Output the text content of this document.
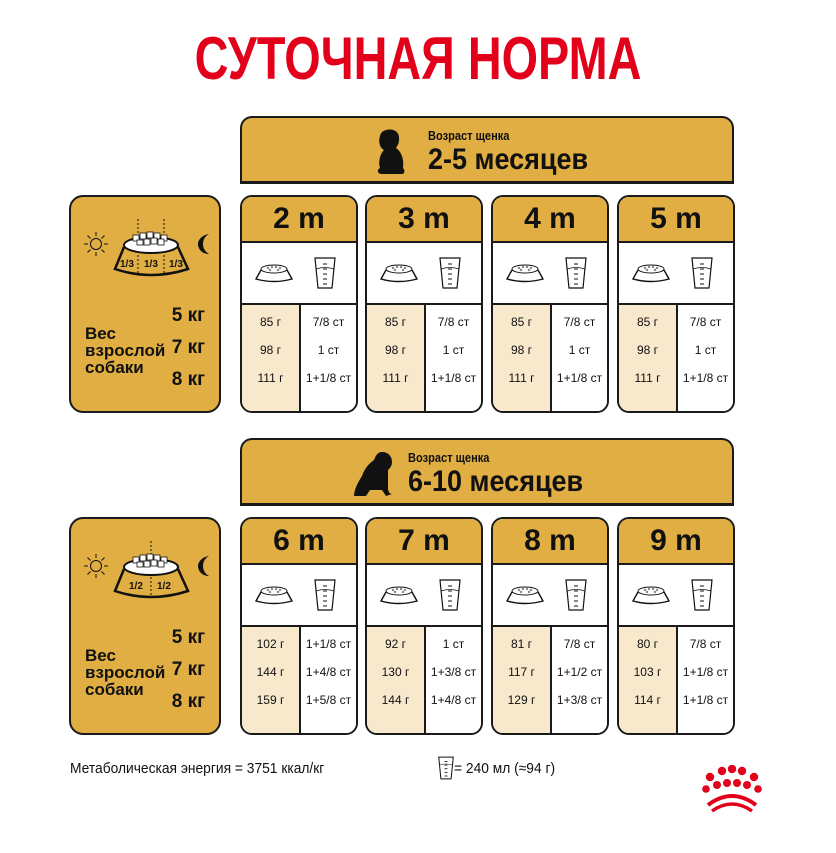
СУТОЧНАЯ НОРМА
Возраст щенка
2-5 месяцев
1/3 1/3 1/3
Вес
взрослой
собаки
5 кг
7 кг
8 кг
2 m
85 г
98 г
111 г
7/8 ст
1 ст
1+1/8 ст
3 m
85 г
98 г
111 г
7/8 ст
1 ст
1+1/8 ст
4 m
85 г
98 г
111 г
7/8 ст
1 ст
1+1/8 ст
5 m
85 г
98 г
111 г
7/8 ст
1 ст
1+1/8 ст
Возраст щенка
6-10 месяцев
1/2 1/2
Вес
взрослой
собаки
5 кг
7 кг
8 кг
6 m
102 г
144 г
159 г
1+1/8 ст
1+4/8 ст
1+5/8 ст
7 m
92 г
130 г
144 г
1 ст
1+3/8 ст
1+4/8 ст
8 m
81 г
117 г
129 г
7/8 ст
1+1/2 ст
1+3/8 ст
9 m
80 г
103 г
114 г
7/8 ст
1+1/8 ст
1+1/8 ст
Метаболическая энергия = 3751 ккал/кг	= 240 мл (≈94 г)
